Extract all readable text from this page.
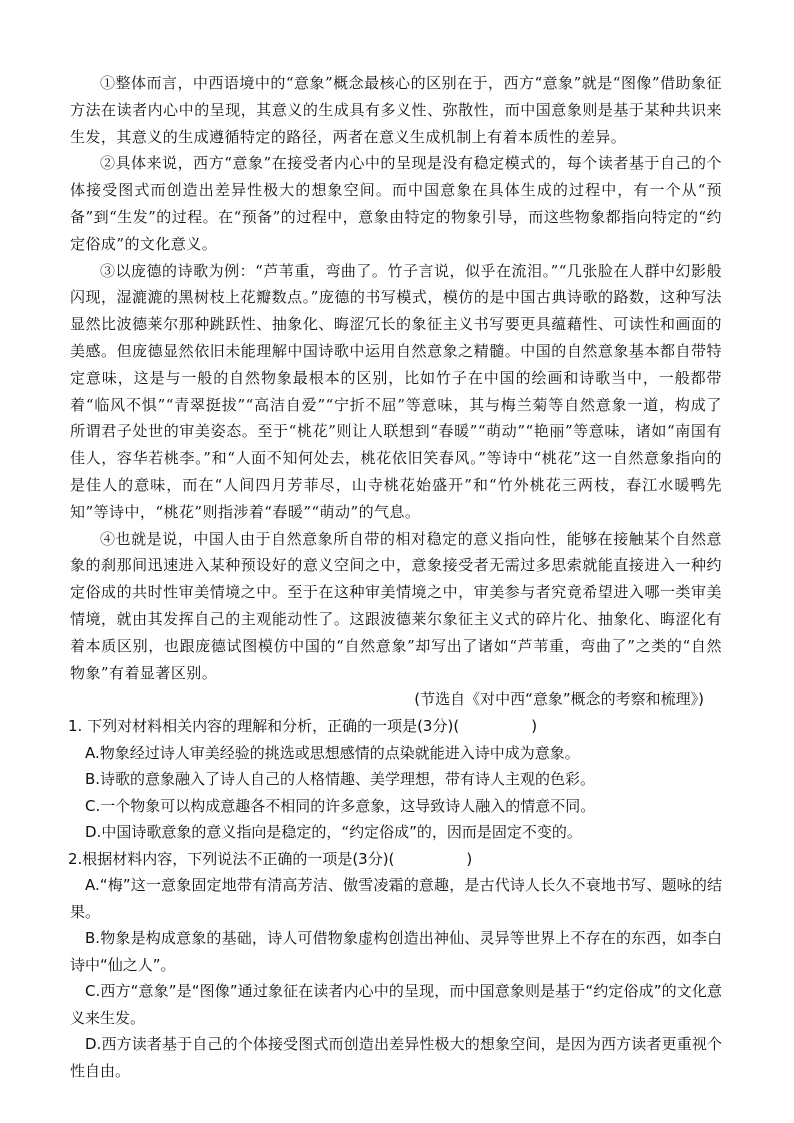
①整体而言，中西语境中的“意象”概念最核心的区别在于，西方“意象”就是“图像”借助象征方法在读者内心中的呈现，其意义的生成具有多义性、弥散性，而中国意象则是基于某种共识来生发，其意义的生成遵循特定的路径，两者在意义生成机制上有着本质性的差异。

②具体来说，西方“意象”在接受者内心中的呈现是没有稳定模式的，每个读者基于自己的个体接受图式而创造出差异性极大的想象空间。而中国意象在具体生成的过程中，有一个从“预备”到“生发”的过程。在“预备”的过程中，意象由特定的物象引导，而这些物象都指向特定的“约定俗成”的文化意义。

③以庞德的诗歌为例：“芦苇重，弯曲了。竹子言说，似乎在流泪。”“几张脸在人群中幻影般闪现，湿漉漉的黑树枝上花瓣数点。”庞德的书写模式，模仿的是中国古典诗歌的路数，这种写法显然比波德莱尔那种跳跃性、抽象化、晦涩冗长的象征主义书写要更具蕴藉性、可读性和画面的美感。但庞德显然依旧未能理解中国诗歌中运用自然意象之精髓。中国的自然意象基本都自带特定意味，这是与一般的自然物象最根本的区别，比如竹子在中国的绘画和诗歌当中，一般都带着“临风不惧”“青翠挺拔”“高洁自爱”“宁折不屈”等意味，其与梅兰菊等自然意象一道，构成了所谓君子处世的审美姿态。至于“桃花”则让人联想到“春暖”“萌动”“艳丽”等意味，诸如“南国有佳人，容华若桃李。”和“人面不知何处去，桃花依旧笑春风。”等诗中“桃花”这一自然意象指向的是佳人的意味，而在“人间四月芳菲尽，山寺桃花始盛开”和“竹外桃花三两枝，春江水暖鸭先知”等诗中，“桃花”则指涉着“春暖”“萌动”的气息。

④也就是说，中国人由于自然意象所自带的相对稳定的意义指向性，能够在接触某个自然意象的刹那间迅速进入某种预设好的意义空间之中，意象接受者无需过多思索就能直接进入一种约定俗成的共时性审美情境之中。至于在这种审美情境之中，审美参与者究竟希望进入哪一类审美情境，就由其发挥自己的主观能动性了。这跟波德莱尔象征主义式的碎片化、抽象化、晦涩化有着本质区别，也跟庞德试图模仿中国的“自然意象”却写出了诸如“芦苇重，弯曲了”之类的“自然物象”有着显著区别。

(节选自《对中西“意象”概念的考察和梳理》)

1. 下列对材料相关内容的理解和分析，正确的一项是(3分)(	)

A.物象经过诗人审美经验的挑选或思想感情的点染就能进入诗中成为意象。

B.诗歌的意象融入了诗人自己的人格情趣、美学理想，带有诗人主观的色彩。

C.一个物象可以构成意趣各不相同的许多意象，这导致诗人融入的情意不同。

D.中国诗歌意象的意义指向是稳定的，“约定俗成”的，因而是固定不变的。

2.根据材料内容，下列说法不正确的一项是(3分)(	)

A.“梅”这一意象固定地带有清高芳洁、傲雪凌霜的意趣，是古代诗人长久不衰地书写、题咏的结果。

B.物象是构成意象的基础，诗人可借物象虚构创造出神仙、灵异等世界上不存在的东西，如李白诗中“仙之人”。

C.西方“意象”是“图像”通过象征在读者内心中的呈现，而中国意象则是基于“约定俗成”的文化意义来生发。

D.西方读者基于自己的个体接受图式而创造出差异性极大的想象空间，是因为西方读者更重视个性自由。
